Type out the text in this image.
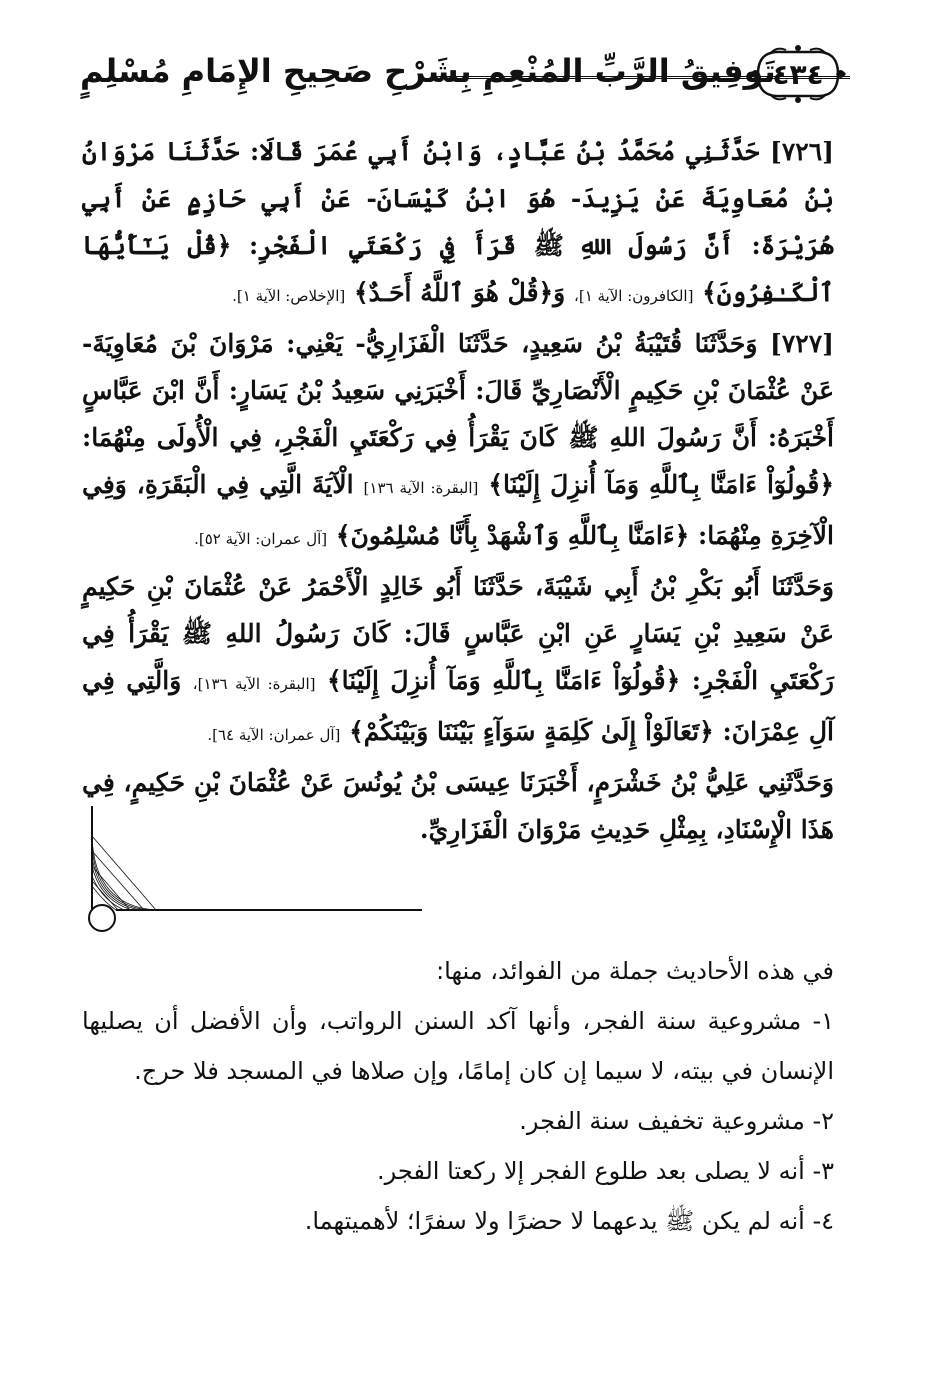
٤٣٤
تَوفِيقُ الرَّبِّ المُنْعِمِ بِشَرْحِ صَحِيحِ الإِمَامِ مُسْلِمٍ

[٧٢٦] حَدَّثَنِي مُحَمَّدُ بْنُ عَبَّادٍ، وَابْنُ أَبِي عُمَرَ قَالَا: حَدَّثَنَا مَرْوَانُ بْنُ مُعَاوِيَةَ عَنْ يَزِيدَ- هُوَ ابْنُ كَيْسَانَ- عَنْ أَبِي حَازِمٍ عَنْ أَبِي هُرَيْرَةَ: أَنَّ رَسُولَ اللهِ ﷺ قَرَأَ فِي رَكْعَتَيِ الْفَجْرِ: ﴿قُلْ يَـٰٓأَيُّهَا ٱلْكَـٰفِرُونَ﴾ [الكافرون: الآية ١]، وَ﴿قُلْ هُوَ ٱللَّهُ أَحَـدٌ﴾ [الإخلاص: الآية ١].

[٧٢٧] وَحَدَّثَنَا قُتَيْبَةُ بْنُ سَعِيدٍ، حَدَّثَنَا الْفَزَارِيُّ- يَعْنِي: مَرْوَانَ بْنَ مُعَاوِيَةَ- عَنْ عُثْمَانَ بْنِ حَكِيمٍ الْأَنْصَارِيِّ قَالَ: أَخْبَرَنِي سَعِيدُ بْنُ يَسَارٍ: أَنَّ ابْنَ عَبَّاسٍ أَخْبَرَهُ: أَنَّ رَسُولَ اللهِ ﷺ كَانَ يَقْرَأُ فِي رَكْعَتَيِ الْفَجْرِ، فِي الْأُولَى مِنْهُمَا: ﴿قُولُوٓاْ ءَامَنَّا بِٱللَّهِ وَمَآ أُنزِلَ إِلَيْنَا﴾ [البقرة: الآية ١٣٦] الْآيَةَ الَّتِي فِي الْبَقَرَةِ، وَفِي الْآخِرَةِ مِنْهُمَا: ﴿ءَامَنَّا بِٱللَّهِ وَٱشْهَدْ بِأَنَّا مُسْلِمُونَ﴾ [آل عمران: الآية ٥٢].

وَحَدَّثَنَا أَبُو بَكْرِ بْنُ أَبِي شَيْبَةَ، حَدَّثَنَا أَبُو خَالِدٍ الْأَحْمَرُ عَنْ عُثْمَانَ بْنِ حَكِيمٍ عَنْ سَعِيدِ بْنِ يَسَارٍ عَنِ ابْنِ عَبَّاسٍ قَالَ: كَانَ رَسُولُ اللهِ ﷺ يَقْرَأُ فِي رَكْعَتَيِ الْفَجْرِ: ﴿قُولُوٓاْ ءَامَنَّا بِٱللَّهِ وَمَآ أُنزِلَ إِلَيْنَا﴾ [البقرة: الآية ١٣٦]، وَالَّتِي فِي آلِ عِمْرَانَ: ﴿تَعَالَوْاْ إِلَىٰ كَلِمَةٍ سَوَآءٍ بَيْنَنَا وَبَيْنَكُمْ﴾ [آل عمران: الآية ٦٤].

وَحَدَّثَنِي عَلِيُّ بْنُ خَشْرَمٍ، أَخْبَرَنَا عِيسَى بْنُ يُونُسَ عَنْ عُثْمَانَ بْنِ حَكِيمٍ، فِي هَذَا الْإِسْنَادِ، بِمِثْلِ حَدِيثِ مَرْوَانَ الْفَزَارِيِّ.

في هذه الأحاديث جملة من الفوائد، منها:

١- مشروعية سنة الفجر، وأنها آكد السنن الرواتب، وأن الأفضل أن يصليها الإنسان في بيته، لا سيما إن كان إمامًا، وإن صلاها في المسجد فلا حرج.

٢- مشروعية تخفيف سنة الفجر.

٣- أنه لا يصلى بعد طلوع الفجر إلا ركعتا الفجر.

٤- أنه لم يكن ﷺ يدعهما لا حضرًا ولا سفرًا؛ لأهميتهما.
